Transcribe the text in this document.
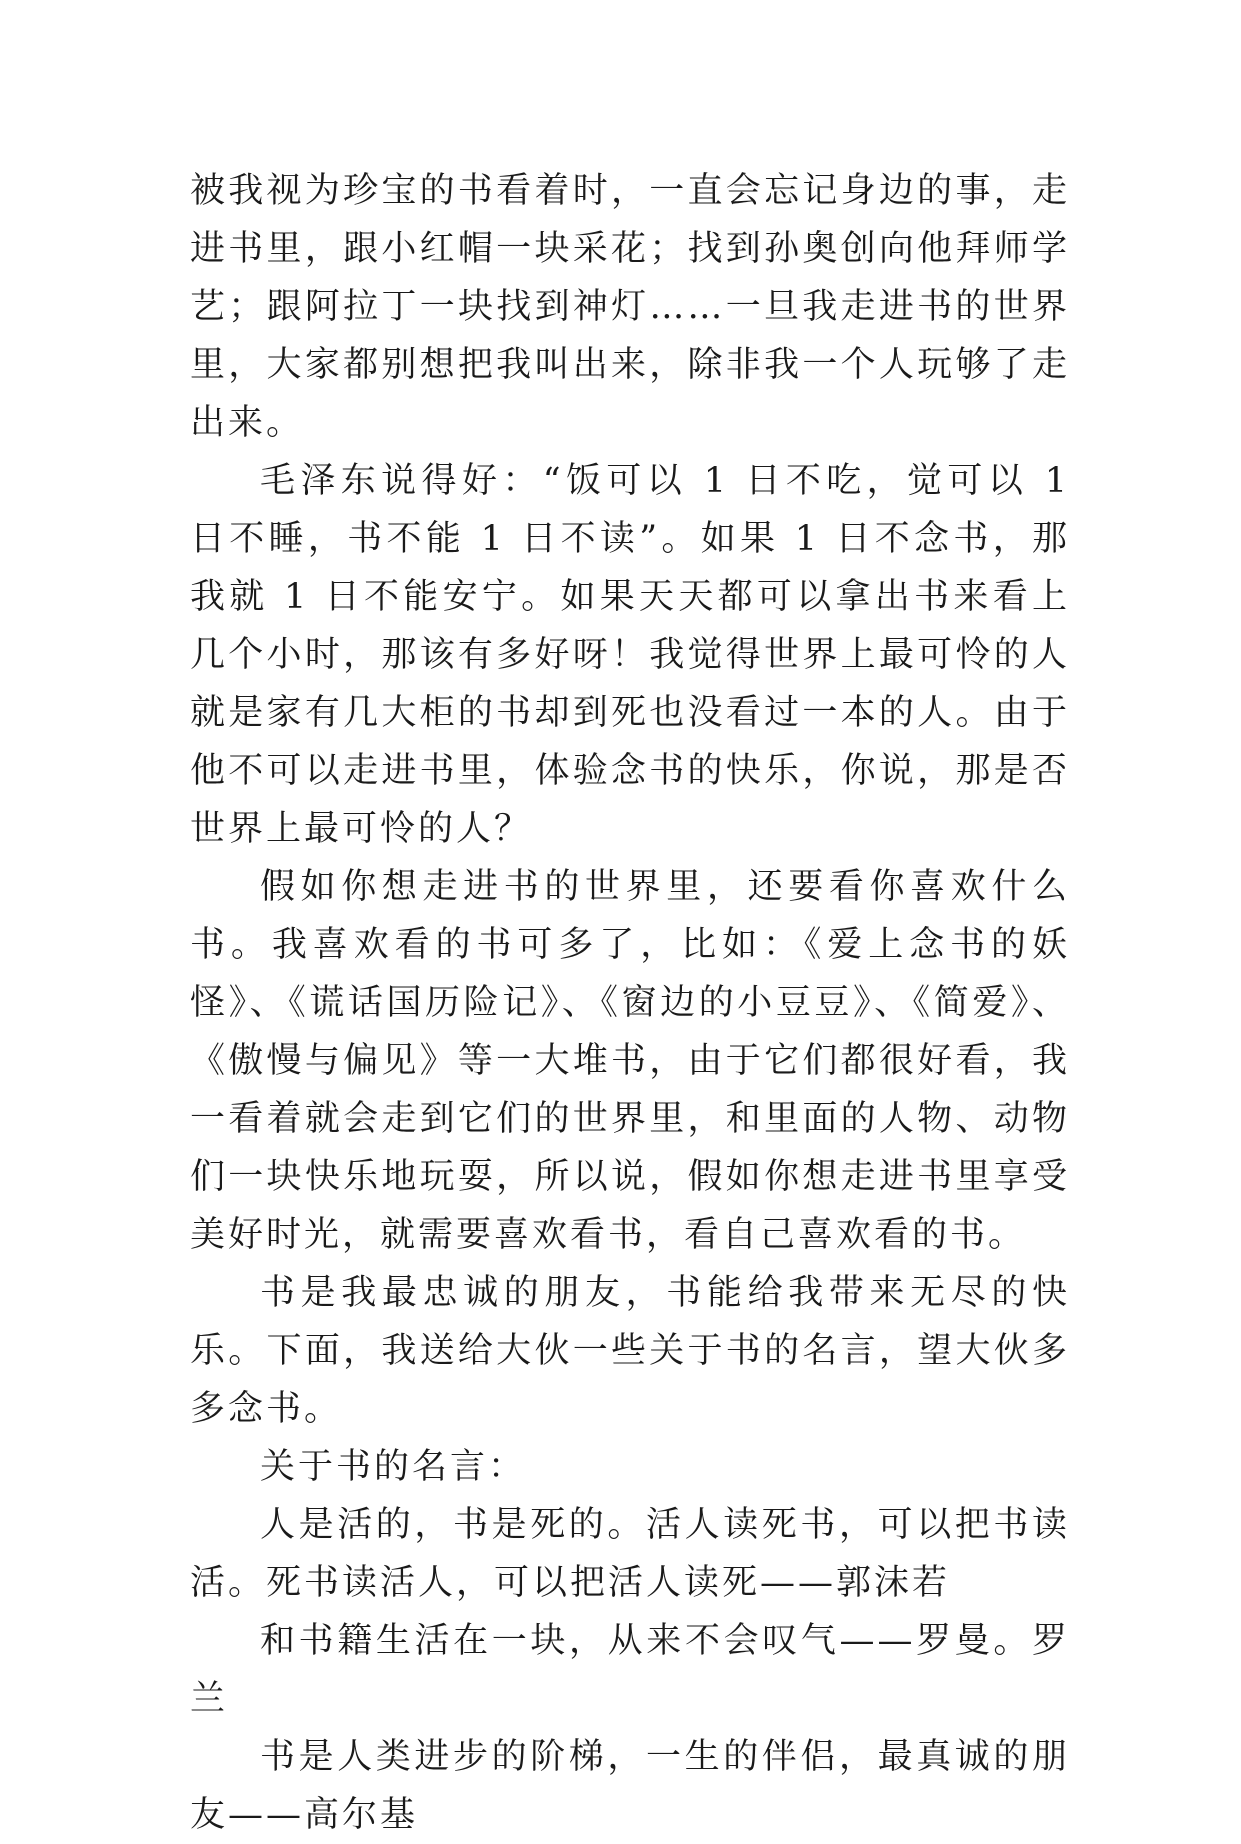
被我视为珍宝的书看着时，一直会忘记身边的事，走进书里，跟小红帽一块采花；找到孙奥创向他拜师学艺；跟阿拉丁一块找到神灯……一旦我走进书的世界里，大家都别想把我叫出来，除非我一个人玩够了走出来。

毛泽东说得好：“饭可以 1 日不吃，觉可以 1 日不睡，书不能 1 日不读”。如果 1 日不念书，那我就 1 日不能安宁。如果天天都可以拿出书来看上几个小时，那该有多好呀！我觉得世界上最可怜的人就是家有几大柜的书却到死也没看过一本的人。由于他不可以走进书里，体验念书的快乐，你说，那是否世界上最可怜的人？

假如你想走进书的世界里，还要看你喜欢什么书。我喜欢看的书可多了，比如：《爱上念书的妖怪》、《谎话国历险记》、《窗边的小豆豆》、《简爱》、《傲慢与偏见》等一大堆书，由于它们都很好看，我一看着就会走到它们的世界里，和里面的人物、动物们一块快乐地玩耍，所以说，假如你想走进书里享受美好时光，就需要喜欢看书，看自己喜欢看的书。

书是我最忠诚的朋友，书能给我带来无尽的快乐。下面，我送给大伙一些关于书的名言，望大伙多多念书。

关于书的名言：

人是活的，书是死的。活人读死书，可以把书读活。死书读活人，可以把活人读死——郭沫若

和书籍生活在一块，从来不会叹气——罗曼。罗兰

书是人类进步的阶梯，一生的伴侣，最真诚的朋友——高尔基
